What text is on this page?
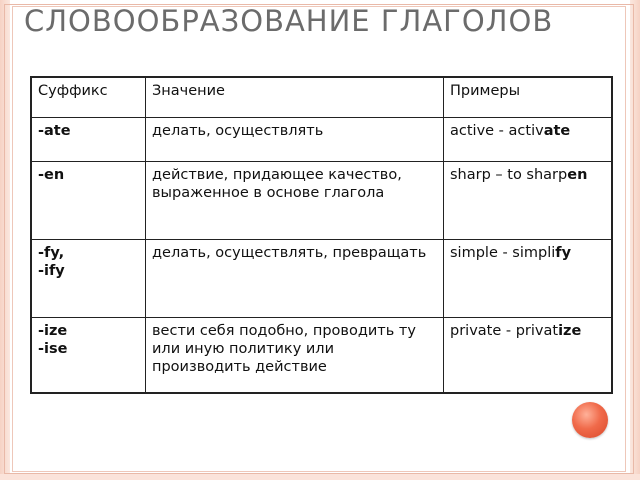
СЛОВООБРАЗОВАНИЕ ГЛАГОЛОВ
Суффикс	Значение	Примеры

-ate	делать, осуществлять	active - activate

-en	действие, придающее качество, выраженное в основе глагола	sharp – to sharpen

-fy,
-ify	делать, осуществлять, превращать	simple - simplify

-ize
-ise	вести себя подобно, проводить ту или иную политику или производить действие	private - privatize
